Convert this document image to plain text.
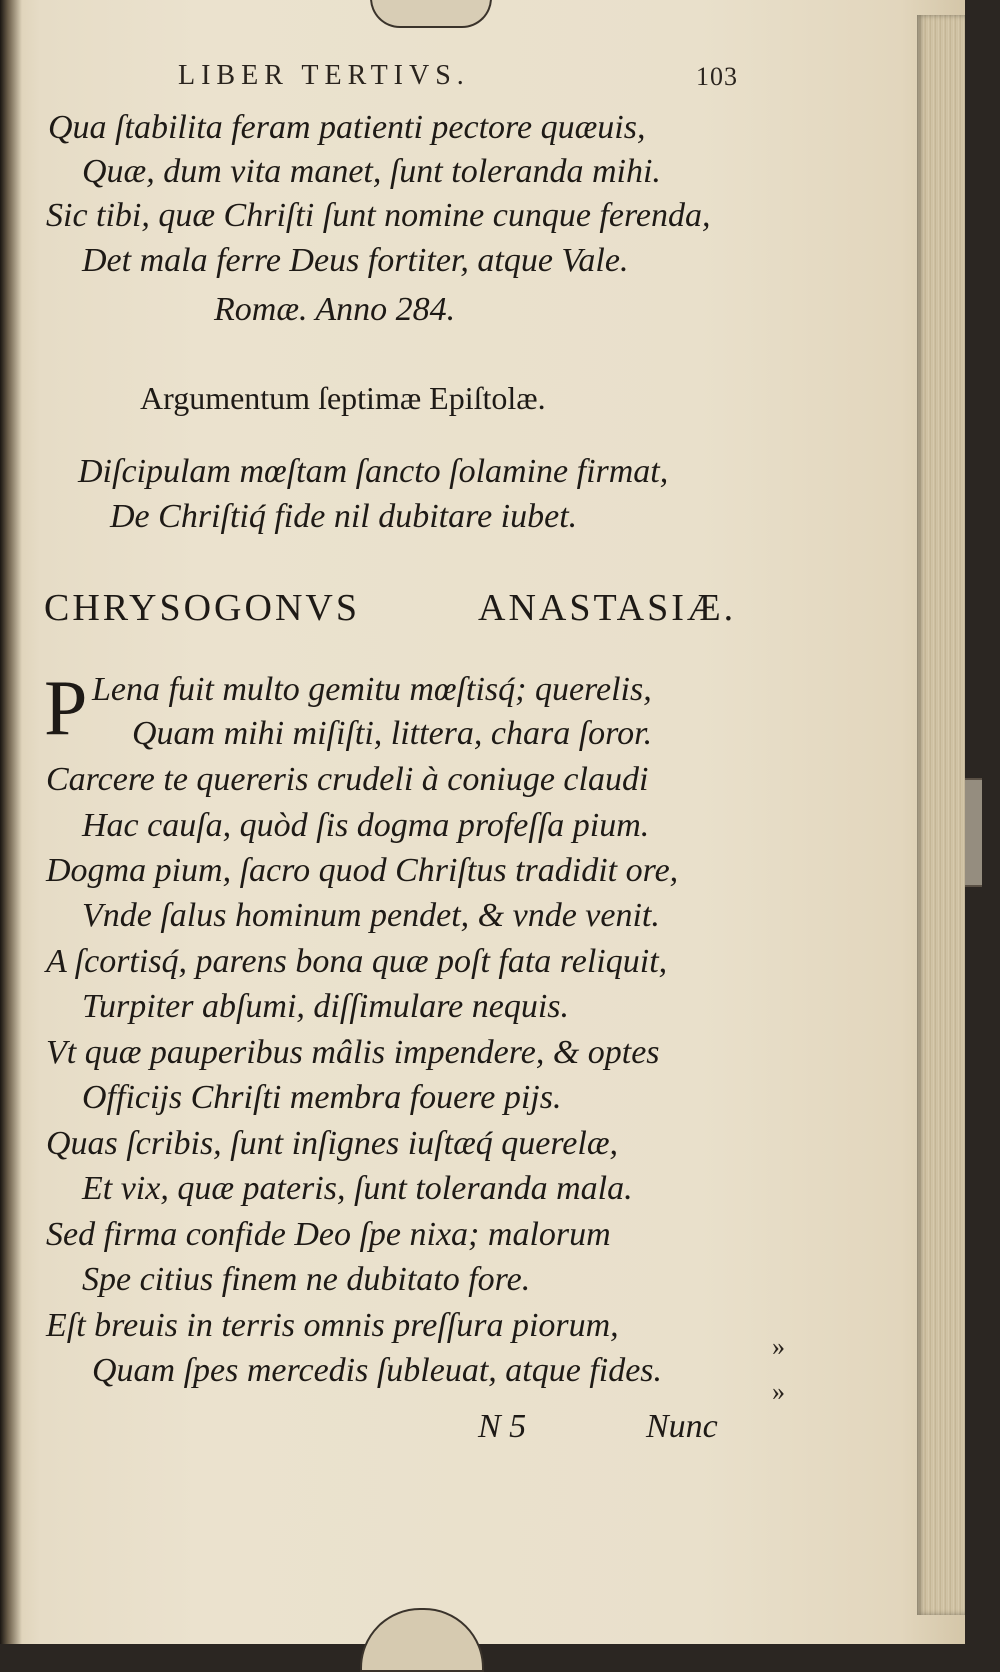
LIBER TERTIVS.	103
Qua ſtabilita feram patienti pectore quæuis,
Quæ, dum vita manet, ſunt toleranda mihi.
Sic tibi, quæ Chriſti ſunt nomine cunque ferenda,
Det mala ferre Deus fortiter, atque Vale.
Romæ. Anno 284.
Argumentum ſeptimæ Epiſtolæ.
Diſcipulam mœſtam ſancto ſolamine firmat,
De Chriſtiq́ fide nil dubitare iubet.
CHRYSOGONVS	ANASTASIÆ.
P Lena fuit multo gemitu mœſtisq́; querelis,
Quam mihi miſiſti, littera, chara ſoror.
Carcere te quereris crudeli à coniuge claudi
Hac cauſa, quòd ſis dogma profeſſa pium.
Dogma pium, ſacro quod Chriſtus tradidit ore,
Vnde ſalus hominum pendet, & vnde venit.
A ſcortisq́, parens bona quæ poſt fata reliquit,
Turpiter abſumi, diſſimulare nequis.
Vt quæ pauperibus mâlis impendere, & optes
Officijs Chriſti membra fouere pijs.
Quas ſcribis, ſunt inſignes iuſtæq́ querelæ,
Et vix, quæ pateris, ſunt toleranda mala.
Sed firma confide Deo ſpe nixa; malorum
Spe citius finem ne dubitato fore.
Eſt breuis in terris omnis preſſura piorum,
Quam ſpes mercedis ſubleuat, atque fides.
»
»
N 5	Nunc
